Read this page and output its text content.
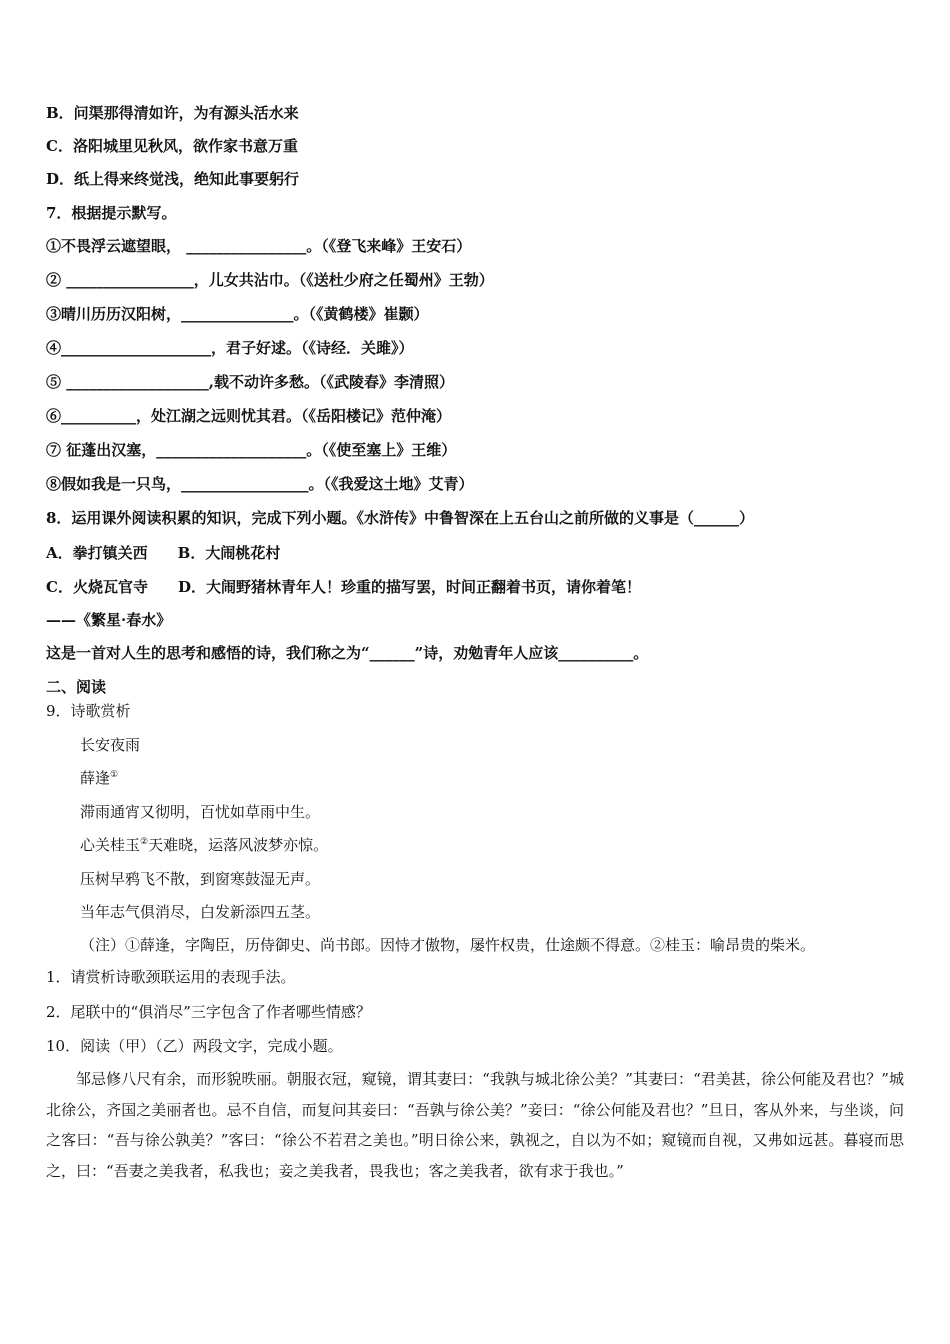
B．问渠那得清如许，为有源头活水来
C．洛阳城里见秋风，欲作家书意万重
D．纸上得来终觉浅，绝知此事要躬行
7．根据提示默写。
①不畏浮云遮望眼， ________________。（《登飞来峰》王安石）
② _________________，儿女共沾巾。（《送杜少府之任蜀州》王勃）
③晴川历历汉阳树，_______________。（《黄鹤楼》崔颢）
④____________________，君子好逑。（《诗经．关雎》）
⑤ ___________________,载不动许多愁。（《武陵春》李清照）
⑥__________，处江湖之远则忧其君。（《岳阳楼记》范仲淹）
⑦ 征蓬出汉塞，____________________。（《使至塞上》王维）
⑧假如我是一只鸟，_________________。（《我爱这土地》艾青）
8．运用课外阅读积累的知识，完成下列小题。《水浒传》中鲁智深在上五台山之前所做的义事是（______）
A．拳打镇关西　　B．大闹桃花村
C．火烧瓦官寺　　D．大闹野猪林青年人！珍重的描写罢，时间正翻着书页，请你着笔！
——《繁星·春水》
这是一首对人生的思考和感悟的诗，我们称之为“______”诗，劝勉青年人应该__________。
二、阅读
9．诗歌赏析
长安夜雨
薛逢①
滞雨通宵又彻明，百忧如草雨中生。
心关桂玉②天难晓，运落风波梦亦惊。
压树早鸦飞不散，到窗寒鼓湿无声。
当年志气俱消尽，白发新添四五茎。
（注）①薛逢，字陶臣，历侍御史、尚书郎。因恃才傲物，屡忤权贵，仕途颇不得意。②桂玉：喻昂贵的柴米。
1．请赏析诗歌颈联运用的表现手法。
2．尾联中的“俱消尽”三字包含了作者哪些情感？
10．阅读（甲）（乙）两段文字，完成小题。
邹忌修八尺有余，而形貌昳丽。朝服衣冠，窥镜，谓其妻曰：“我孰与城北徐公美？”其妻曰：“君美甚，徐公何能及君也？”城北徐公，齐国之美丽者也。忌不自信，而复问其妾曰：“吾孰与徐公美？”妾曰：“徐公何能及君也？”旦日，客从外来，与坐谈，问之客曰：“吾与徐公孰美？”客曰：“徐公不若君之美也。”明日徐公来，孰视之，自以为不如；窥镜而自视，又弗如远甚。暮寝而思之，曰：“吾妻之美我者，私我也；妾之美我者，畏我也；客之美我者，欲有求于我也。”
